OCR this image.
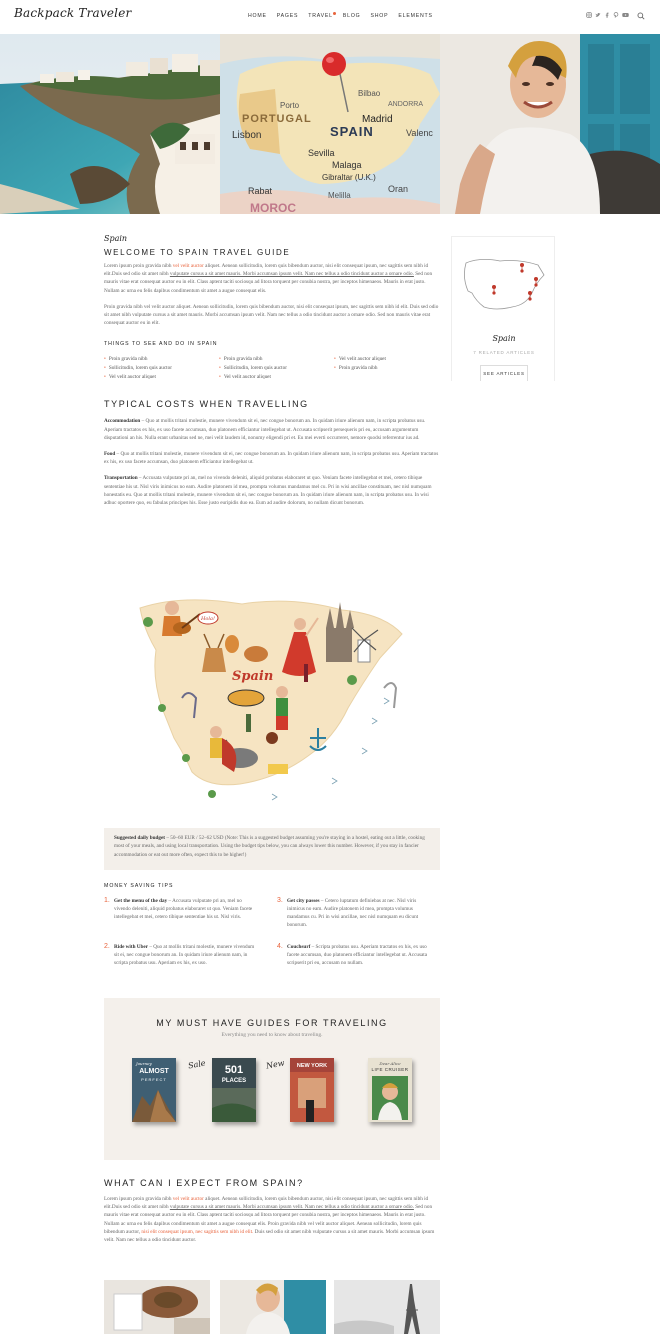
Backpack Traveler	HOME PAGES TRAVEL BLOG SHOP ELEMENTS
Porto
PORTUGAL
Lisbon
Bilbao
ANDORRA
Madrid
SPAIN	Valenc
Sevilla
Malaga
Gibraltar (U.K.)
Rabat	Melilla
Oran
MOROC
Spain
WELCOME TO SPAIN TRAVEL GUIDE

Lorem ipsum proin gravida nibh vel velit auctor aliquet. Aenean sollicitudin, lorem quis bibendum auctor, nisi elit consequat ipsum, nec sagittis sem nibh id elit.Duis sed odio sit amet nibh vulputate cursus a sit amet mauris. Morbi accumsan ipsum velit. Nam nec tellus a odio tincidunt auctor a ornare odio. Sed non mauris vitae erat consequat auctor eu in elit. Class aptent taciti sociosqu ad litora torquent per conubia nostra, per inceptos himenaeos. Mauris in erat justo. Nullam ac urna eu felis dapibus condimentum sit amet a augue consequat elis.

Proin gravida nibh vel velit auctor aliquet. Aenean sollicitudin, lorem quis bibendum auctor, nisi elit consequat ipsum, nec sagittis sem nibh id elit. Duis sed odio sit amet nibh vulputate cursus a sit amet mauris. Morbi accumsan ipsum velit. Nam nec tellus a odio tincidunt auctor a ornare odio. Sed non mauris vitae erat consequat auctor eu in elit.

THINGS TO SEE AND DO IN SPAIN
• Proin gravida nibh	• Proin gravida nibh	• Vel velit auctor aliquet
• Sollicitudin, lorem quis auctor	• Sollicitudin, lorem quis auctor	• Proin gravida nibh
• Vel velit auctor aliquet	• Vel velit auctor aliquet
TYPICAL COSTS WHEN TRAVELLING

Accommodation – Quo at mollis tritani molestie, munere vivendum sit ei, nec congue bonorum an. In quidam iriure alienum nam, in scripta probatus usu. Aperiam tractatos ex his, ex uso facete accumsan, duo platonem efficiantur intellegebat ut. Accusata scripserit persequeris pri eu, accusam argumentum disputationi an his. Nulla erant urbanitas sed ne, mei velit laudem id, nonumy eligendi pri et. Eu mei everti occurreret, nemore quodsi referrentur ius ad.

Food – Quo at mollis tritani molestie, munere vivendum sit ei, nec congue bonorum an. In quidam iriure alienum nam, in scripta probatus usu. Aperiam tractatos ex his, ex uso facete accumsan, duo platonem efficiantur intellegebat ut.

Transportation – Accusata vulputate pri an, mel no vivendo deleniti, aliquid probatus elaboraret ut quo. Veniam facete intellegebat et mei, cetero tibique sententiae his ut. Nisl viris inimicus no eam. Audire platonem id mea, prompta volumus mandamus mel cu. Pri in wisi ancillae constituam, nec nisl numquam honestatis eu. Quo at mollis tritani molestie, munere vivendum sit ei, nec congue bonorum an. In quidam iriure alienum nam, in scripta probatus usu. In wisi adhuc oportere quo, eu fabulas principes his. Esse justo euripidis duo ea. Eum ad audire dolorum, no nullam dicunt bonorum.

Spain
7 RELATED ARTICLES
SEE ARTICLES
Hola!
Spain

Suggested daily budget – 50–60 EUR / 52–62 USD (Note: This is a suggested budget assuming you're staying in a hostel, eating out a little, cooking most of your meals, and using local transportation. Using the budget tips below, you can always lower this number. However, if you stay in fancier accommodation or eat out more often, expect this to be higher!)

MONEY SAVING TIPS
1. Get the menu of the day – Accusata vulputate pri an, mel no vivendo deleniti, aliquid probatus elaboraret ut quo. Veniam facete intellegebat et mei, cetero tibique sententiae his ut. Nisl viris.
2. Ride with Uber – Quo at mollis tritani molestie, munere vivendum sit ei, nec congue bonorum an. In quidam iriure alienum nam, in scripta probatus usu. Aperiam ex his, ex uso.
3. Get city passes – Cetero luptatum definiebas at nec. Nisl viris inimicus no eam. Audire platonem id mea, prompta volumus mandamus cu. Pri in wisi ancillae, nec nisl numquam eu dicunt bonorum.
4. Couchsurf – Scripta probatus usu. Aperiam tractatos ex his, ex uso facete accumsan, duo platonem efficiantur intellegebat ut. Accusata scripserit pri eu, accusam no nullam.
MY MUST HAVE GUIDES FOR TRAVELING
Everything you need to know about traveling.
Sale	New
Journey
ALMOST
PERFECT
501
PLACES
NEW YORK	Dear Alice
LIFE CRUISER
WHAT CAN I EXPECT FROM SPAIN?

Lorem ipsum proin gravida nibh vel velit auctor aliquet. Aenean sollicitudin, lorem quis bibendum auctor, nisi elit consequat ipsum, nec sagittis sem nibh id elit.Duis sed odio sit amet nibh vulputate cursus a sit amet mauris. Morbi accumsan ipsum velit. Nam nec tellus a odio tincidunt auctor a ornare odio. Sed non mauris vitae erat consequat auctor eu in elit. Class aptent taciti sociosqu ad litora torquent per conubia nostra, per inceptos himenaeos. Mauris in erat justo. Nullam ac urna eu felis dapibus condimentum sit amet a augue consequat elis. Proin gravida nibh vel velit auctor aliquet. Aenean sollicitudin, lorem quis bibendum auctor, nisi elit consequat ipsum, nec sagittis sem nibh id elit. Duis sed odio sit amet nibh vulputate cursus a sit amet mauris. Morbi accumsan ipsum velit. Nam nec tellus a odio tincidunt auctor.
